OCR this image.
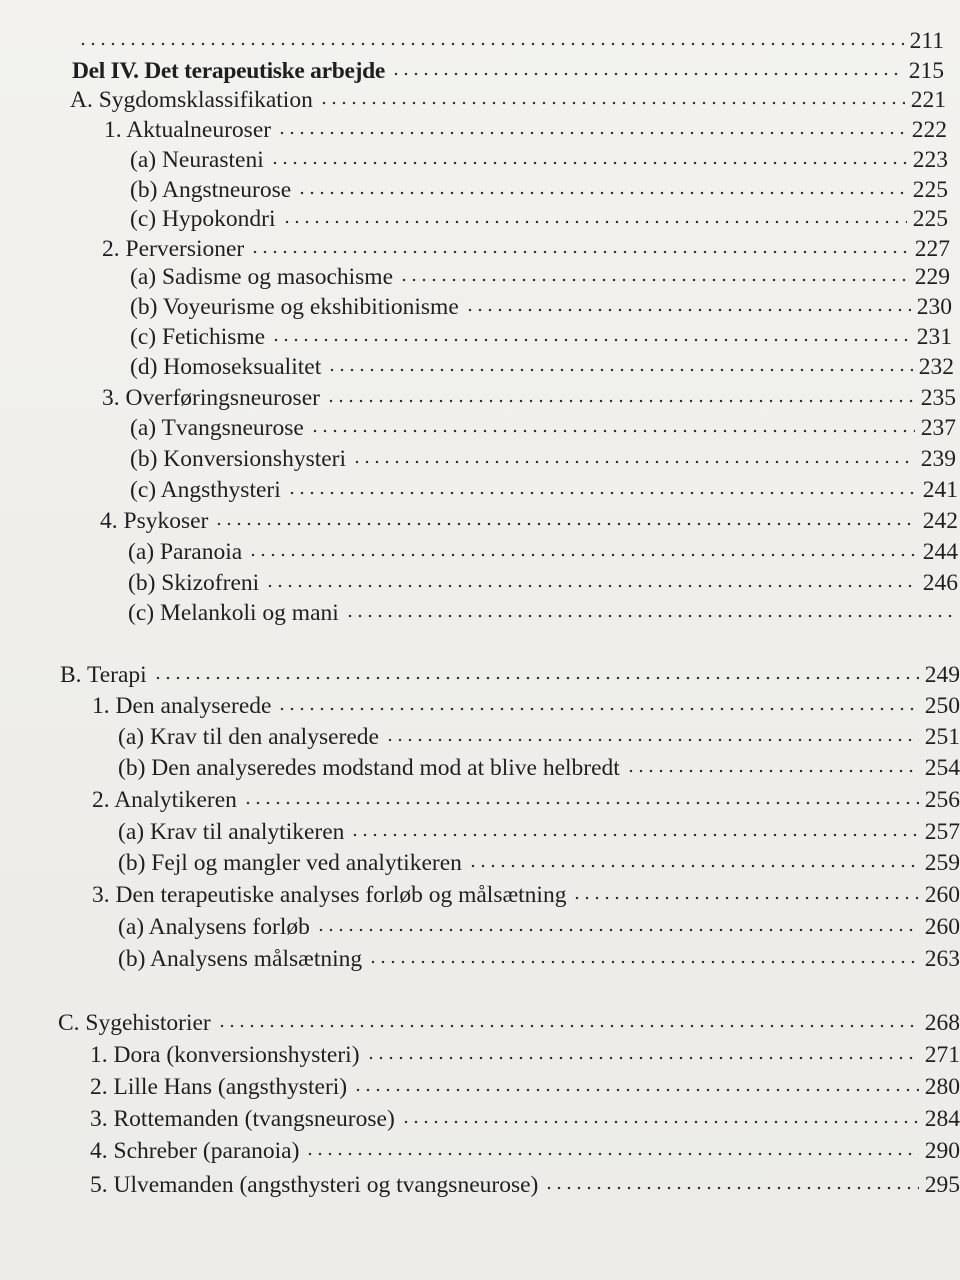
211
Del IV. Det terapeutiske arbejde	215
A. Sygdomsklassifikation	221
1. Aktualneuroser	222
(a) Neurasteni	223
(b) Angstneurose	225
(c) Hypokondri	225
2. Perversioner	227
(a) Sadisme og masochisme	229
(b) Voyeurisme og ekshibitionisme	230
(c) Fetichisme	231
(d) Homoseksualitet	232
3. Overføringsneuroser	235
(a) Tvangsneurose	237
(b) Konversionshysteri	239
(c) Angsthysteri	241
4. Psykoser	242
(a) Paranoia	244
(b) Skizofreni	246
(c) Melankoli og mani
B. Terapi	249
1. Den analyserede	250
(a) Krav til den analyserede	251
(b) Den analyseredes modstand mod at blive helbredt	254
2. Analytikeren	256
(a) Krav til analytikeren	257
(b) Fejl og mangler ved analytikeren	259
3. Den terapeutiske analyses forløb og målsætning	260
(a) Analysens forløb	260
(b) Analysens målsætning	263
C. Sygehistorier	268
1. Dora (konversionshysteri)	271
2. Lille Hans (angsthysteri)	280
3. Rottemanden (tvangsneurose)	284
4. Schreber (paranoia)	290
5. Ulvemanden (angsthysteri og tvangsneurose)	295
